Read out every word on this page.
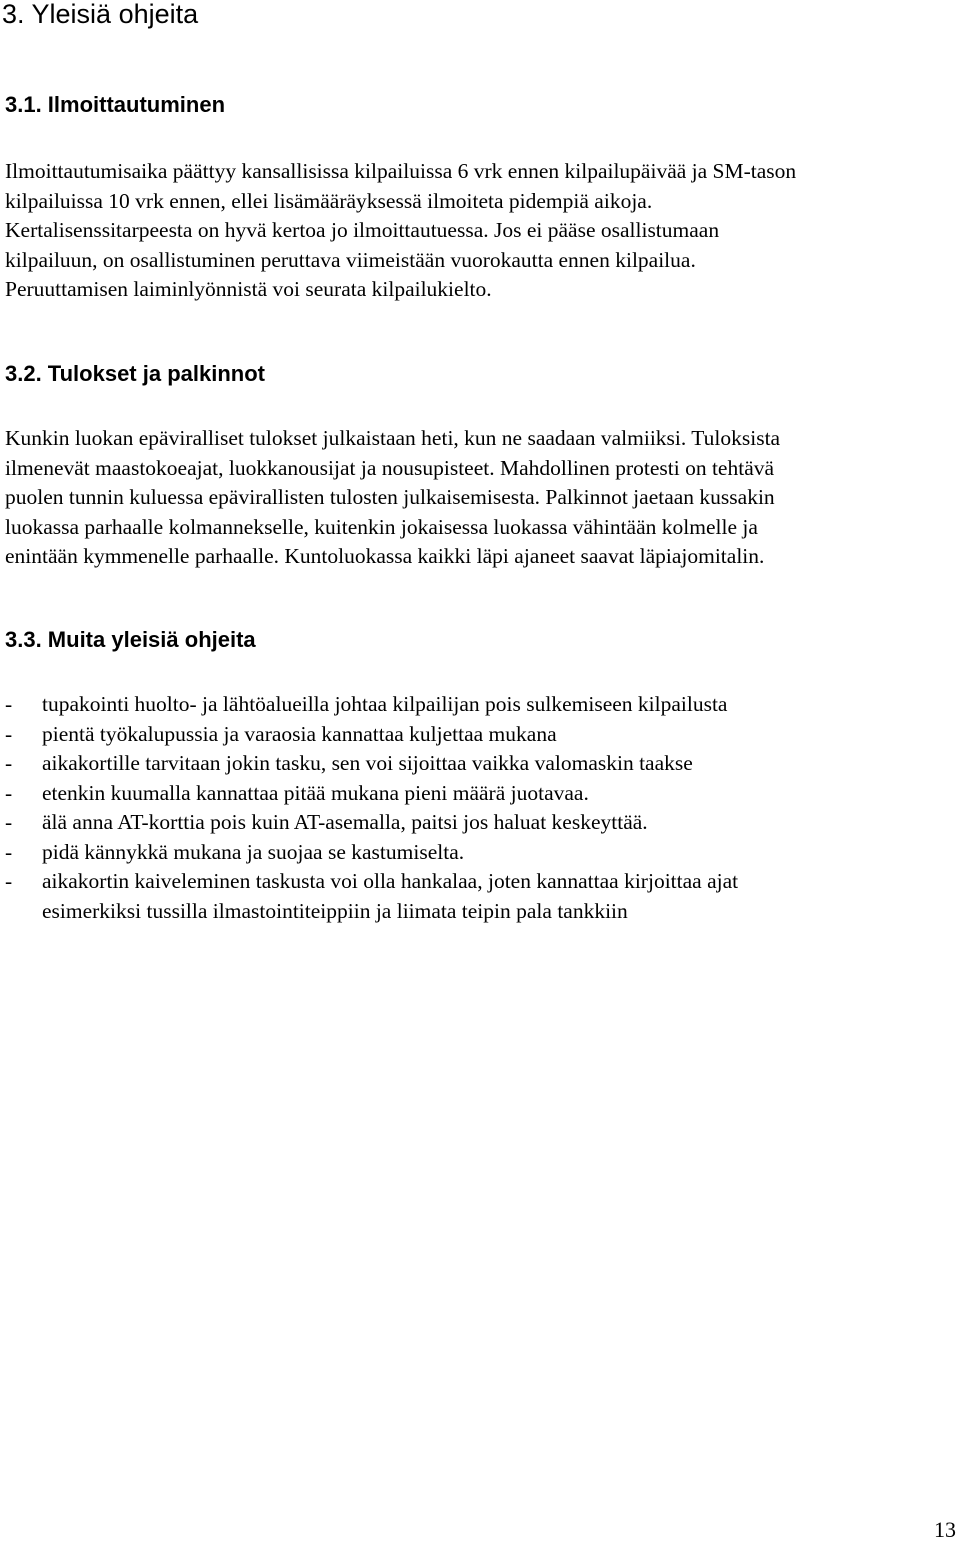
3. Yleisiä ohjeita
3.1. Ilmoittautuminen

Ilmoittautumisaika päättyy kansallisissa kilpailuissa 6 vrk ennen kilpailupäivää ja SM-tason
kilpailuissa 10 vrk ennen, ellei lisämääräyksessä ilmoiteta pidempiä aikoja.
Kertalisenssitarpeesta on hyvä kertoa jo ilmoittautuessa. Jos ei pääse osallistumaan
kilpailuun, on osallistuminen peruttava viimeistään vuorokautta ennen kilpailua.
Peruuttamisen laiminlyönnistä voi seurata kilpailukielto.

3.2. Tulokset ja palkinnot

Kunkin luokan epäviralliset tulokset julkaistaan heti, kun ne saadaan valmiiksi. Tuloksista
ilmenevät maastokoeajat, luokkanousijat ja nousupisteet. Mahdollinen protesti on tehtävä
puolen tunnin kuluessa epävirallisten tulosten julkaisemisesta. Palkinnot jaetaan kussakin
luokassa parhaalle kolmannekselle, kuitenkin jokaisessa luokassa vähintään kolmelle ja
enintään kymmenelle parhaalle. Kuntoluokassa kaikki läpi ajaneet saavat läpiajomitalin.

3.3. Muita yleisiä ohjeita
-	tupakointi huolto- ja lähtöalueilla johtaa kilpailijan pois sulkemiseen kilpailusta
-	pientä työkalupussia ja varaosia kannattaa kuljettaa mukana
-	aikakortille tarvitaan jokin tasku, sen voi sijoittaa vaikka valomaskin taakse
-	etenkin kuumalla kannattaa pitää mukana pieni määrä juotavaa.
-	älä anna AT-korttia pois kuin AT-asemalla, paitsi jos haluat keskeyttää.
-	pidä kännykkä mukana ja suojaa se kastumiselta.
-	aikakortin kaiveleminen taskusta voi olla hankalaa, joten kannattaa kirjoittaa ajat
esimerkiksi tussilla ilmastointiteippiin ja liimata teipin pala tankkiin
13
